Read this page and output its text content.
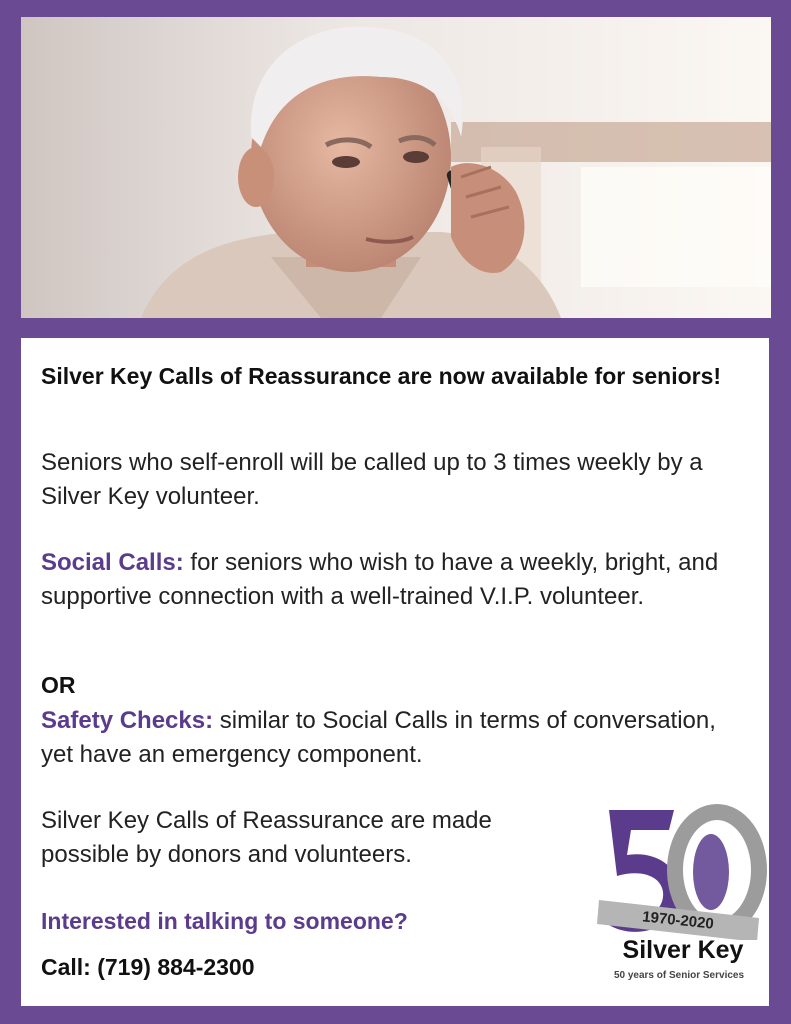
Silver Key Calls of Reassurance are now available for seniors!
Seniors who self-enroll will be called up to 3 times weekly by a Silver Key volunteer.
Social Calls: for seniors who wish to have a weekly, bright, and supportive connection with a well-trained V.I.P. volunteer.
OR
Safety Checks: similar to Social Calls in terms of conversation, yet have an emergency component.
Silver Key Calls of Reassurance are made possible by donors and volunteers.
Interested in talking to someone?
Call: (719) 884-2300
1970-2020
Silver Key
50 years of Senior Services
